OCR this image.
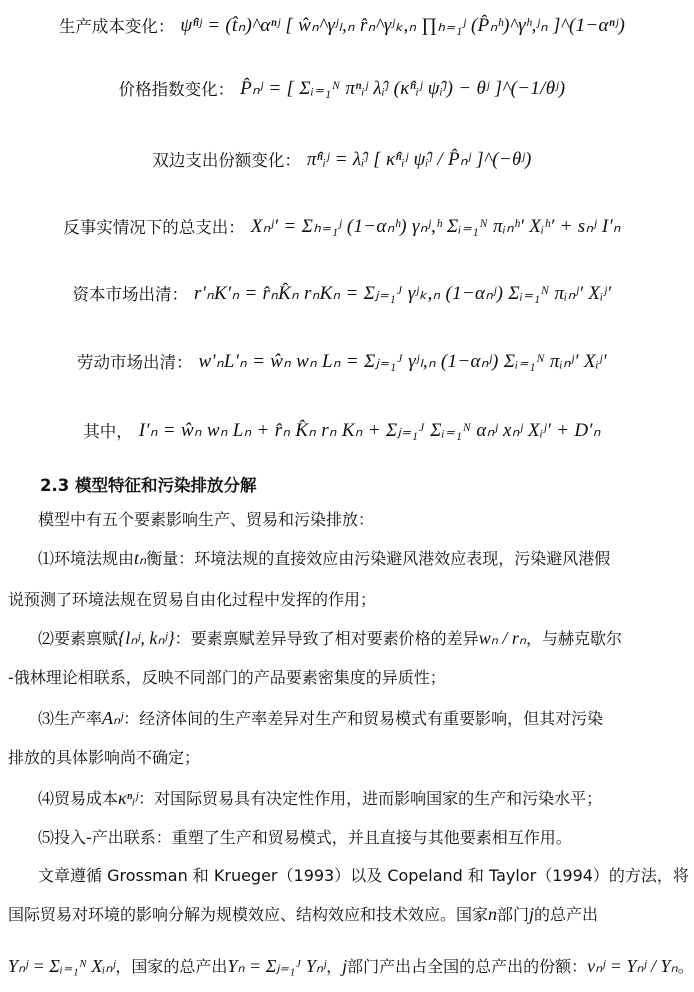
生产成本变化： ψ̂ⁿʲ = (t̂ₙ)^αⁿʲ [ ŵₙ^γʲₗ,ₙ r̂ₙ^γʲₖ,ₙ ∏ₕ₌₁ʲ (P̂ₙʰ)^γʰ,ʲₙ ]^(1−αⁿʲ)
价格指数变化： P̂ₙʲ = [ Σᵢ₌₁ᴺ πⁿᵢʲ λ̂ᵢʲ (κ̂ⁿᵢʲ ψ̂ᵢʲ) − θʲ ]^(−1/θʲ)
双边支出份额变化： π̂ⁿᵢʲ = λ̂ᵢʲ [ κ̂ⁿᵢʲ ψ̂ᵢʲ / P̂ₙʲ ]^(−θʲ)
反事实情况下的总支出： Xₙʲ′ = Σₕ₌₁ʲ (1−αₙʰ) γₙʲ,ʰ Σᵢ₌₁ᴺ πᵢₙʰ′ Xᵢʰ′ + sₙʲ I′ₙ
资本市场出清： r′ₙK′ₙ = r̂ₙK̂ₙ rₙKₙ = Σⱼ₌₁ᴶ γʲₖ,ₙ (1−αₙʲ) Σᵢ₌₁ᴺ πᵢₙʲ′ Xᵢʲ′
劳动市场出清： w′ₙL′ₙ = ŵₙ wₙ Lₙ = Σⱼ₌₁ᴶ γʲₗ,ₙ (1−αₙʲ) Σᵢ₌₁ᴺ πᵢₙʲ′ Xᵢʲ′
其中， I′ₙ = ŵₙ wₙ Lₙ + r̂ₙ K̂ₙ rₙ Kₙ + Σⱼ₌₁ᴶ Σᵢ₌₁ᴺ αₙʲ xₙʲ Xᵢʲ′ + D′ₙ
2.3 模型特征和污染排放分解
模型中有五个要素影响生产、贸易和污染排放：
⑴环境法规由tₙ衡量：环境法规的直接效应由污染避风港效应表现，污染避风港假
说预测了环境法规在贸易自由化过程中发挥的作用；
⑵要素禀赋{lₙʲ, kₙʲ}：要素禀赋差异导致了相对要素价格的差异wₙ / rₙ，与赫克歇尔
-俄林理论相联系，反映不同部门的产品要素密集度的异质性；
⑶生产率Aₙʲ：经济体间的生产率差异对生产和贸易模式有重要影响，但其对污染
排放的具体影响尚不确定；
⑷贸易成本κⁿᵢʲ：对国际贸易具有决定性作用，进而影响国家的生产和污染水平；
⑸投入-产出联系：重塑了生产和贸易模式，并且直接与其他要素相互作用。
文章遵循 Grossman 和 Krueger（1993）以及 Copeland 和 Taylor（1994）的方法，将
国际贸易对环境的影响分解为规模效应、结构效应和技术效应。国家n部门j的总产出
Yₙʲ = Σᵢ₌₁ᴺ Xᵢₙʲ，国家的总产出Yₙ = Σⱼ₌₁ᴶ Yₙʲ，j部门产出占全国的总产出的份额：vₙʲ = Yₙʲ / Yₙ。
